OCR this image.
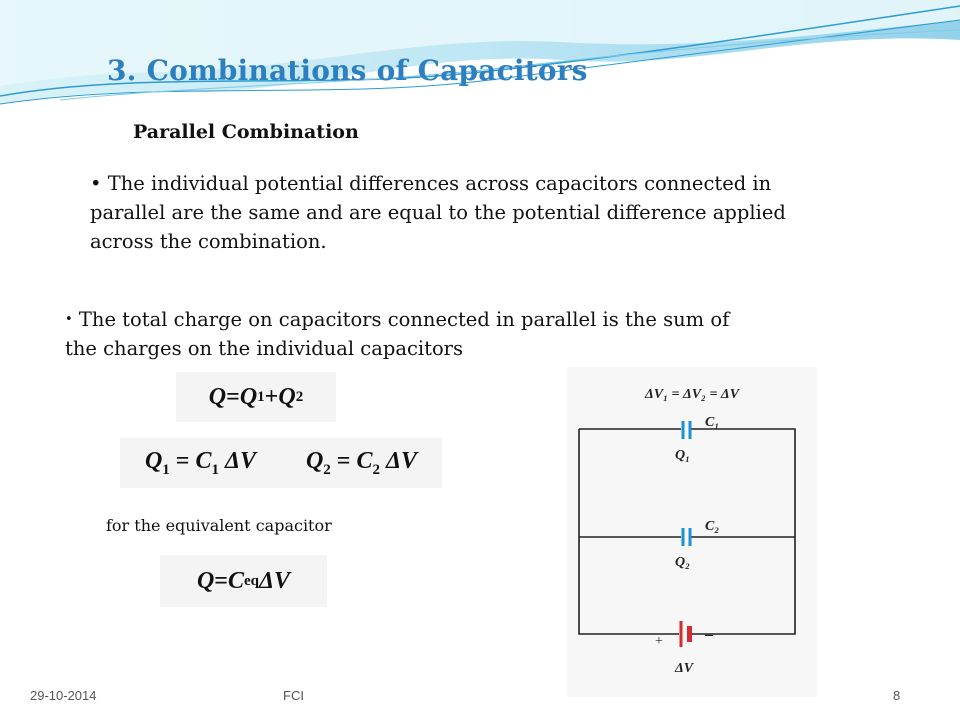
3. Combinations of Capacitors
Parallel Combination

• The individual potential differences across capacitors connected in parallel are the same and are equal to the potential difference applied across the combination.

• The total charge on capacitors connected in parallel is the sum of the charges on the individual capacitors

Q = Q 1 + Q 2
$Q_1 = C_1$ ΔV $Q_2 = C_2$ ΔV

for the equivalent capacitor

Q = C eq ΔV
ΔV₁ = ΔV₂ = ΔV
C₁
Q₁
C₂
Q₂
+	–
ΔV
29-10-2014	FCI	8
